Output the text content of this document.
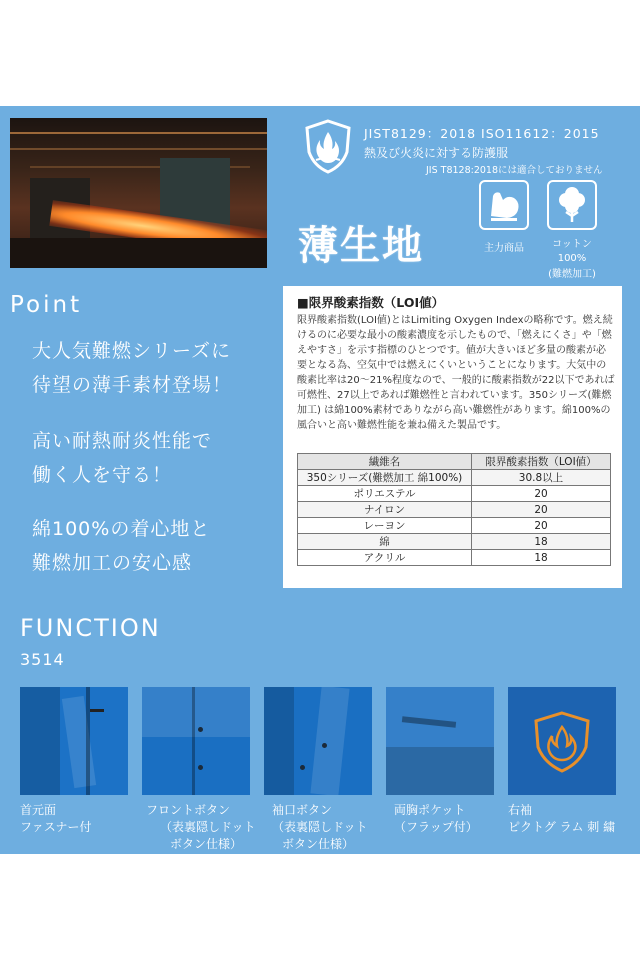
JIST8129：2018 ISO11612：2015
熱及び火炎に対する防護服
JIS T8128:2018には適合しておりません
薄生地	主力商品	コットン
100%
(難燃加工)
Point
大人気難燃シリーズに
待望の薄手素材登場！
高い耐熱耐炎性能で
働く人を守る！
綿100%の着心地と
難燃加工の安心感
■限界酸素指数（LOI値）
限界酸素指数(LOI値)とはLimiting Oxygen Indexの略称です。燃え続けるのに必要な最小の酸素濃度を示したもので、「燃えにくさ」や「燃えやすさ」を示す指標のひとつです。値が大きいほど多量の酸素が必要となる為、空気中では燃えにくいということになります。大気中の酸素比率は20～21%程度なので、一般的に酸素指数が22以下であれば可燃性、27以上であれば難燃性と言われています。350シリーズ(難燃加工) は綿100%素材でありながら高い難燃性があります。綿100%の風合いと高い難燃性能を兼ね備えた製品です。
繊維名	限界酸素指数（LOI値）
350シリーズ(難燃加工 綿100%)	30.8以上
ポリエステル	20
ナイロン	20
レーヨン	20
綿	18
アクリル	18
FUNCTION
3514
首元面
ファスナー付
フロントボタン
（表裏隠しドット
ボタン仕様）
袖口ボタン
（表裏隠しドット
ボタン仕様）
両胸ポケット
（フラップ付）
右袖
ピクトグ ラム 刺 繍
